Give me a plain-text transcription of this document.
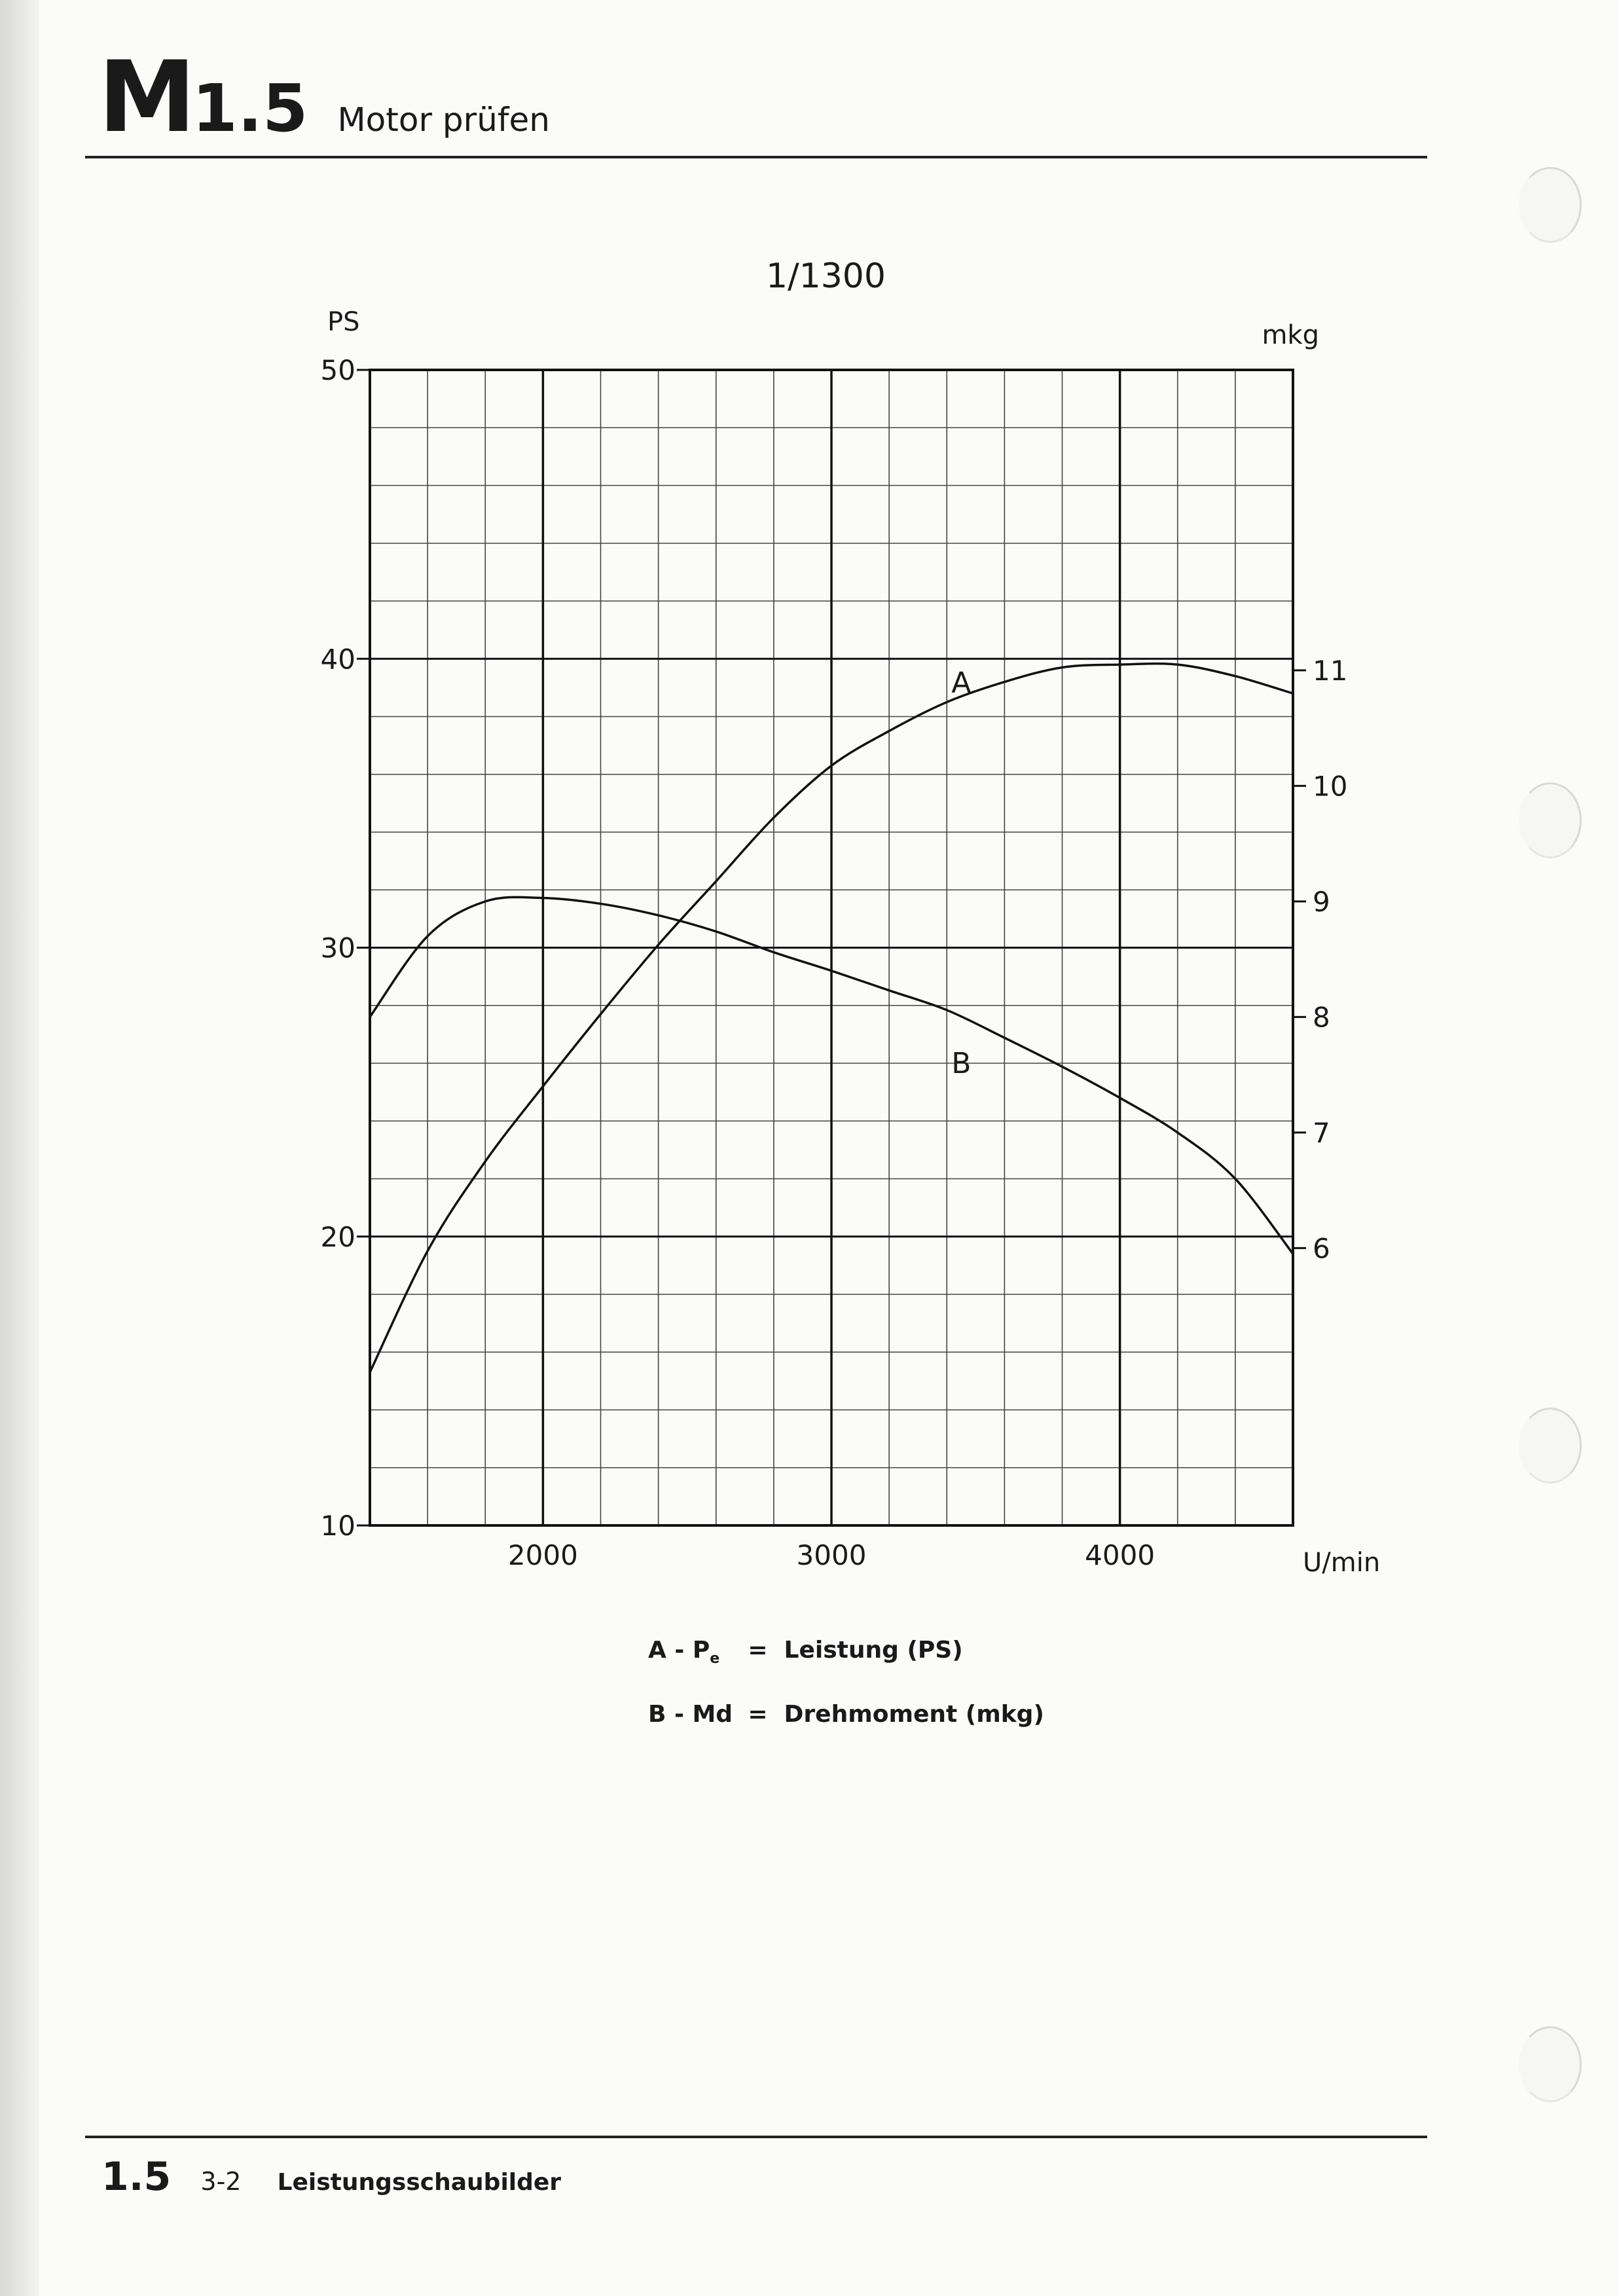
M1.5 Motor prüfen
1/1300
2000	3000	4000
10
20
30
40
50
6
7
8
9
10
11
PS	mkg
U/min
A
B
A - $P_e$ = Leistung (PS)
B - Md = Drehmoment (mkg)
1.5 3-2 Leistungsschaubilder
